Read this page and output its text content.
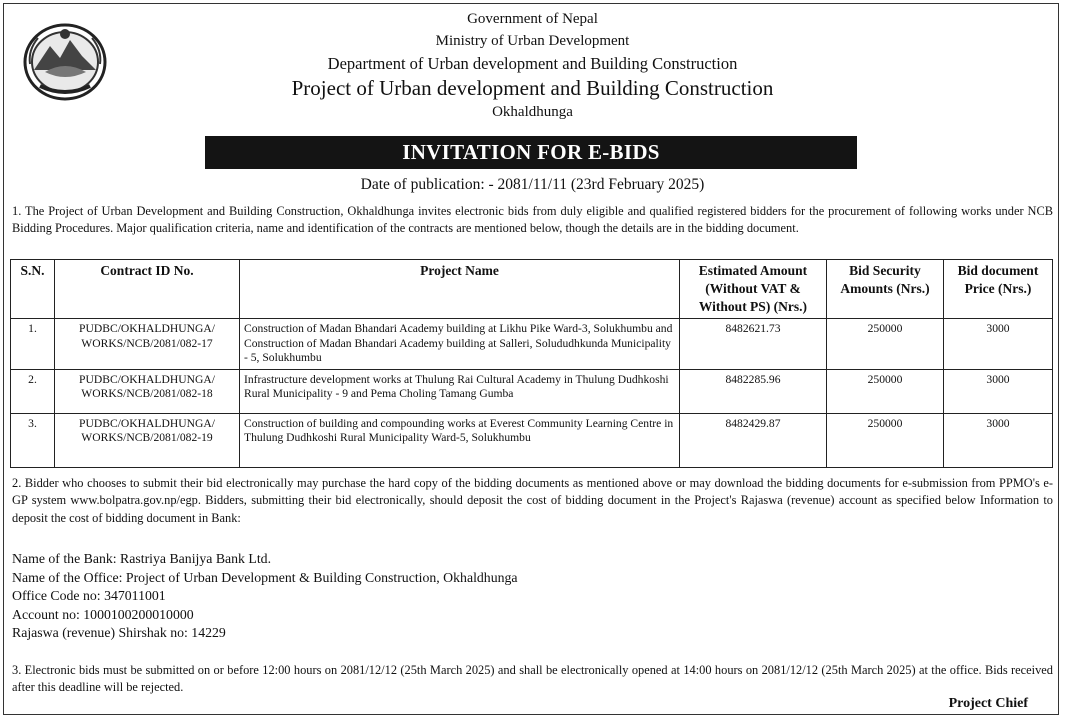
Government of Nepal
Ministry of Urban Development
Department of Urban development and Building Construction
Project of Urban development and Building Construction
Okhaldhunga
INVITATION FOR E-BIDS
Date of publication: - 2081/11/11 (23rd February 2025)
1. The Project of Urban Development and Building Construction, Okhaldhunga invites electronic bids from duly eligible and qualified registered bidders for the procurement of following works under NCB Bidding Procedures. Major qualification criteria, name and identification of the contracts are mentioned below, though the details are in the bidding document.
S.N.	Contract ID No.	Project Name	Estimated Amount (Without VAT & Without PS) (Nrs.)	Bid Security Amounts (Nrs.)	Bid document Price (Nrs.)
1.	PUDBC/OKHALDHUNGA/ WORKS/NCB/2081/082-17	Construction of Madan Bhandari Academy building at Likhu Pike Ward-3, Solukhumbu and Construction of Madan Bhandari Academy building at Salleri, Solududhkunda Municipality - 5, Solukhumbu	8482621.73	250000	3000
2.	PUDBC/OKHALDHUNGA/ WORKS/NCB/2081/082-18	Infrastructure development works at Thulung Rai Cultural Academy in Thulung Dudhkoshi Rural Municipality - 9 and Pema Choling Tamang Gumba	8482285.96	250000	3000
3.	PUDBC/OKHALDHUNGA/ WORKS/NCB/2081/082-19	Construction of building and compounding works at Everest Community Learning Centre in Thulung Dudhkoshi Rural Municipality Ward-5, Solukhumbu	8482429.87	250000	3000
2. Bidder who chooses to submit their bid electronically may purchase the hard copy of the bidding documents as mentioned above or may download the bidding documents for e-submission from PPMO's e-GP system www.bolpatra.gov.np/egp. Bidders, submitting their bid electronically, should deposit the cost of bidding document in the Project's Rajaswa (revenue) account as specified below Information to deposit the cost of bidding document in Bank:
Name of the Bank: Rastriya Banijya Bank Ltd.
Name of the Office: Project of Urban Development & Building Construction, Okhaldhunga
Office Code no: 347011001
Account no: 1000100200010000
Rajaswa (revenue) Shirshak no: 14229
3. Electronic bids must be submitted on or before 12:00 hours on 2081/12/12 (25th March 2025) and shall be electronically opened at 14:00 hours on 2081/12/12 (25th March 2025) at the office. Bids received after this deadline will be rejected.
Project Chief
